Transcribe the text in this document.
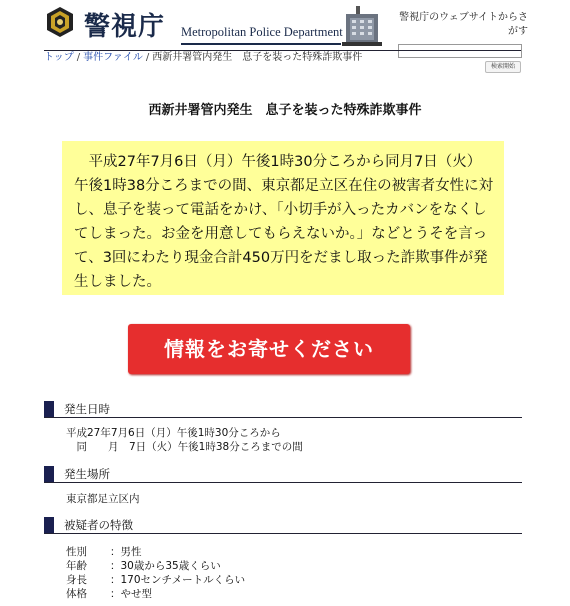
警視庁 Metropolitan Police Department
警視庁のウェブサイトからさがす
検索開始
トップ / 事件ファイル / 西新井署管内発生　息子を装った特殊詐欺事件
西新井署管内発生　息子を装った特殊詐欺事件

平成27年7月6日（月）午後1時30分ころから同月7日（火）午後1時38分ころまでの間、東京都足立区在住の被害者女性に対し、息子を装って電話をかけ、「小切手が入ったカバンをなくしてしまった。お金を用意してもらえないか。」などとうそを言って、3回にわたり現金合計450万円をだまし取った詐欺事件が発生しました。

情報をお寄せください
発生日時

平成27年7月6日（月）午後1時30分ころから

　同　　月　7日（火）午後1時38分ころまでの間

発生場所

東京都足立区内

被疑者の特徴
性別 ：男性
年齢 ：30歳から35歳くらい
身長 ：170センチメートルくらい
体格 ：やせ型
